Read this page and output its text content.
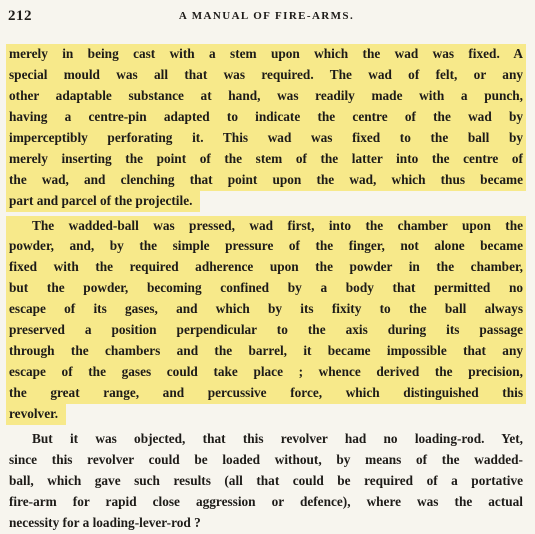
212	A MANUAL OF FIRE-ARMS.
merely in being cast with a stem upon which the wad was fixed. A
special mould was all that was required. The wad of felt, or any
other adaptable substance at hand, was readily made with a punch,
having a centre-pin adapted to indicate the centre of the wad by
imperceptibly perforating it. This wad was fixed to the ball by
merely inserting the point of the stem of the latter into the centre of
the wad, and clenching that point upon the wad, which thus became
part and parcel of the projectile.
The wadded-ball was pressed, wad first, into the chamber upon the
powder, and, by the simple pressure of the finger, not alone became
fixed with the required adherence upon the powder in the chamber,
but the powder, becoming confined by a body that permitted no
escape of its gases, and which by its fixity to the ball always
preserved a position perpendicular to the axis during its passage
through the chambers and the barrel, it became impossible that any
escape of the gases could take place ; whence derived the precision,
the great range, and percussive force, which distinguished this
revolver.
But it was objected, that this revolver had no loading-rod. Yet,
since this revolver could be loaded without, by means of the wadded-
ball, which gave such results (all that could be required of a portative
fire-arm for rapid close aggression or defence), where was the actual
necessity for a loading-lever-rod ?
